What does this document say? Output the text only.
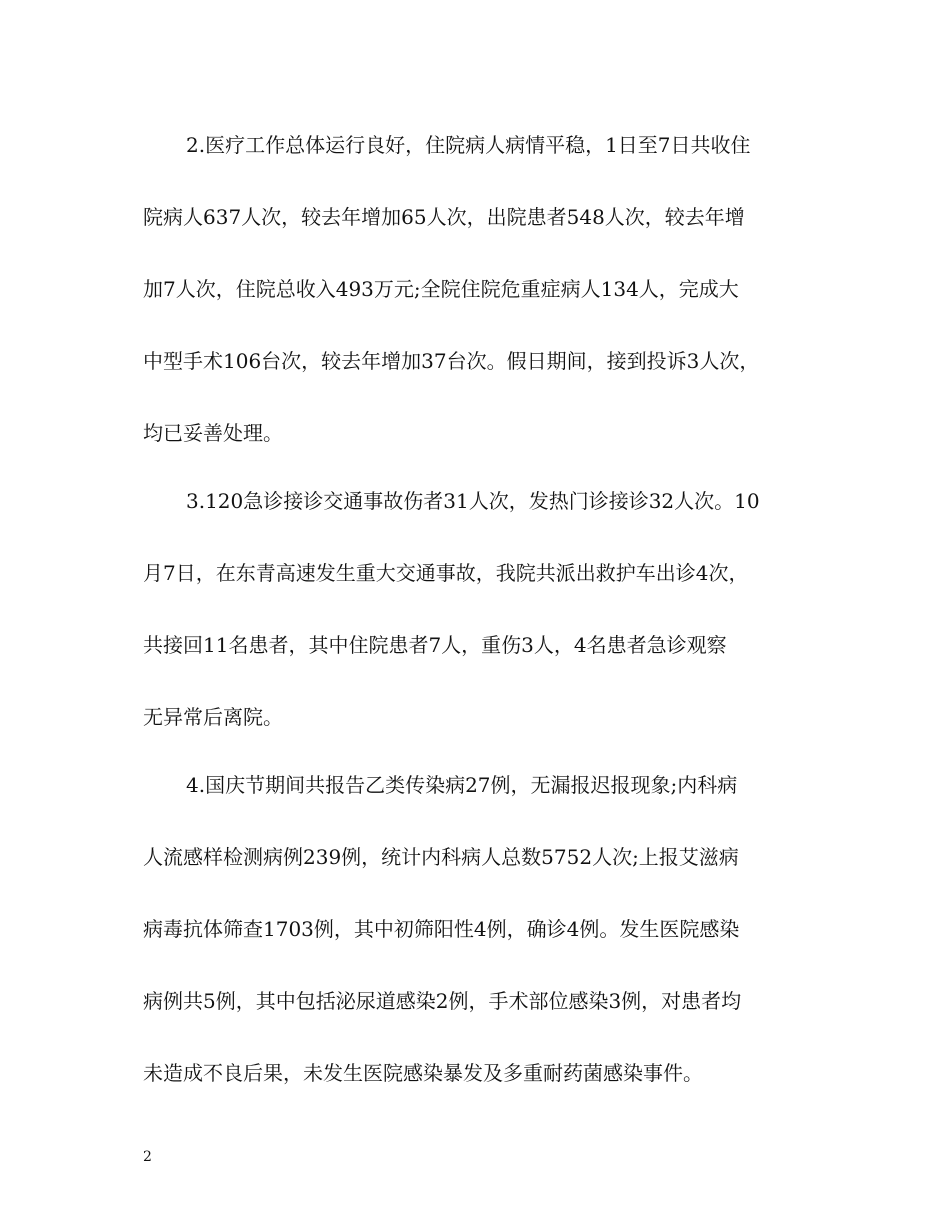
2.医疗工作总体运行良好，住院病人病情平稳，1日至7日共收住
院病人637人次，较去年增加65人次，出院患者548人次，较去年增
加7人次，住院总收入493万元;全院住院危重症病人134人，完成大
中型手术106台次，较去年增加37台次。假日期间，接到投诉3人次，
均已妥善处理。
3.120急诊接诊交通事故伤者31人次，发热门诊接诊32人次。10
月7日，在东青高速发生重大交通事故，我院共派出救护车出诊4次，
共接回11名患者，其中住院患者7人，重伤3人，4名患者急诊观察
无异常后离院。
4.国庆节期间共报告乙类传染病27例，无漏报迟报现象;内科病
人流感样检测病例239例，统计内科病人总数5752人次;上报艾滋病
病毒抗体筛查1703例，其中初筛阳性4例，确诊4例。发生医院感染
病例共5例，其中包括泌尿道感染2例，手术部位感染3例，对患者均
未造成不良后果，未发生医院感染暴发及多重耐药菌感染事件。
2
